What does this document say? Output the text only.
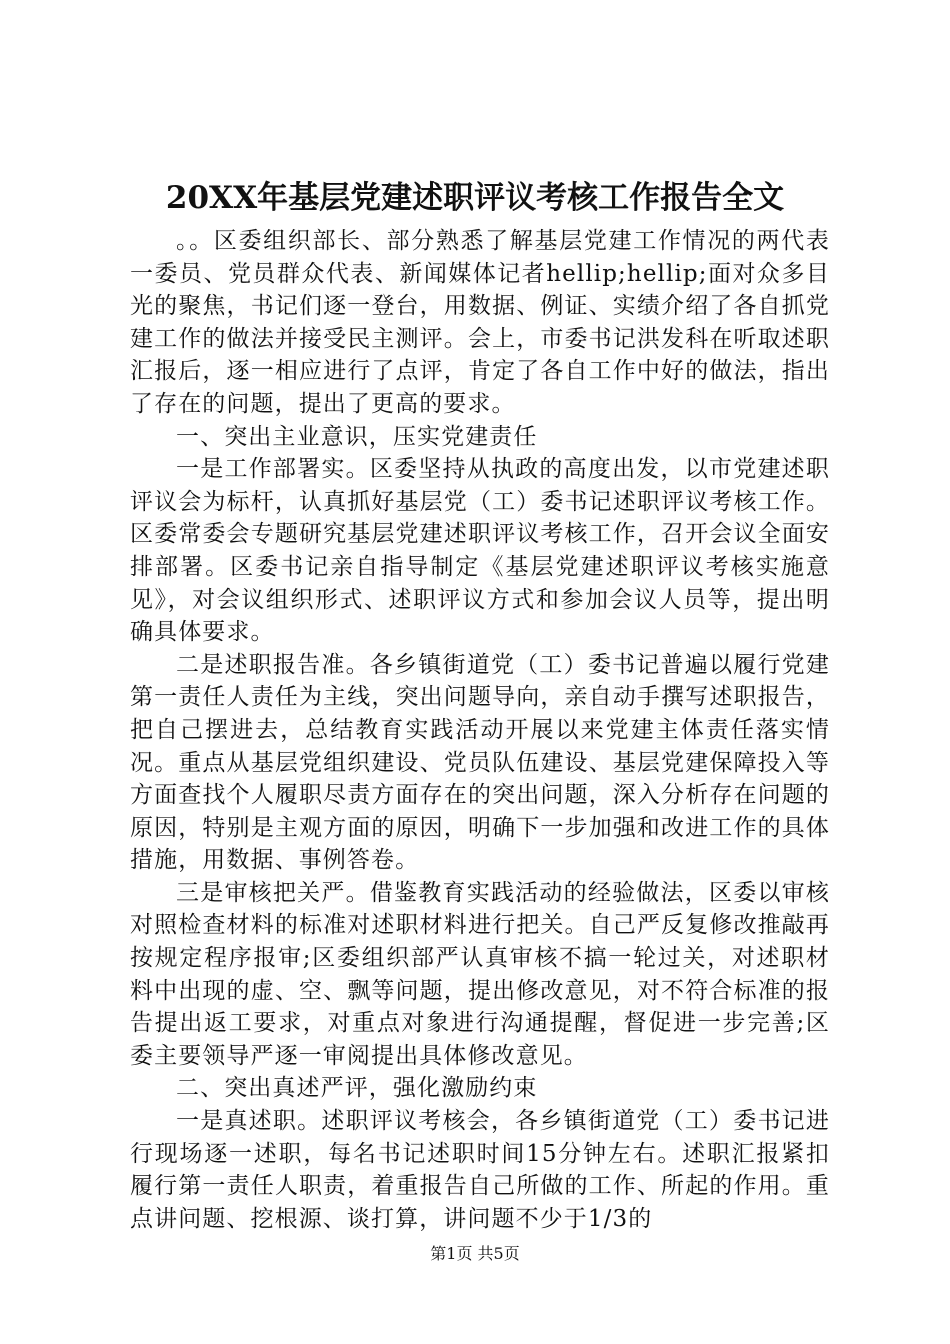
20XX年基层党建述职评议考核工作报告全文

。。区委组织部长、部分熟悉了解基层党建工作情况的两代表一委员、党员群众代表、新闻媒体记者hellip;hellip;面对众多目光的聚焦，书记们逐一登台，用数据、例证、实绩介绍了各自抓党建工作的做法并接受民主测评。会上，市委书记洪发科在听取述职汇报后，逐一相应进行了点评，肯定了各自工作中好的做法，指出了存在的问题，提出了更高的要求。

一、突出主业意识，压实党建责任

一是工作部署实。区委坚持从执政的高度出发，以市党建述职评议会为标杆，认真抓好基层党（工）委书记述职评议考核工作。区委常委会专题研究基层党建述职评议考核工作，召开会议全面安排部署。区委书记亲自指导制定《基层党建述职评议考核实施意见》，对会议组织形式、述职评议方式和参加会议人员等，提出明确具体要求。

二是述职报告准。各乡镇街道党（工）委书记普遍以履行党建第一责任人责任为主线，突出问题导向，亲自动手撰写述职报告，把自己摆进去，总结教育实践活动开展以来党建主体责任落实情况。重点从基层党组织建设、党员队伍建设、基层党建保障投入等方面查找个人履职尽责方面存在的突出问题，深入分析存在问题的原因，特别是主观方面的原因，明确下一步加强和改进工作的具体措施，用数据、事例答卷。

三是审核把关严。借鉴教育实践活动的经验做法，区委以审核对照检查材料的标准对述职材料进行把关。自己严反复修改推敲再按规定程序报审;区委组织部严认真审核不搞一轮过关，对述职材料中出现的虚、空、飘等问题，提出修改意见，对不符合标准的报告提出返工要求，对重点对象进行沟通提醒，督促进一步完善;区委主要领导严逐一审阅提出具体修改意见。

二、突出真述严评，强化激励约束

一是真述职。述职评议考核会，各乡镇街道党（工）委书记进行现场逐一述职，每名书记述职时间15分钟左右。述职汇报紧扣履行第一责任人职责，着重报告自己所做的工作、所起的作用。重点讲问题、挖根源、谈打算，讲问题不少于1/3的

第1页 共5页
